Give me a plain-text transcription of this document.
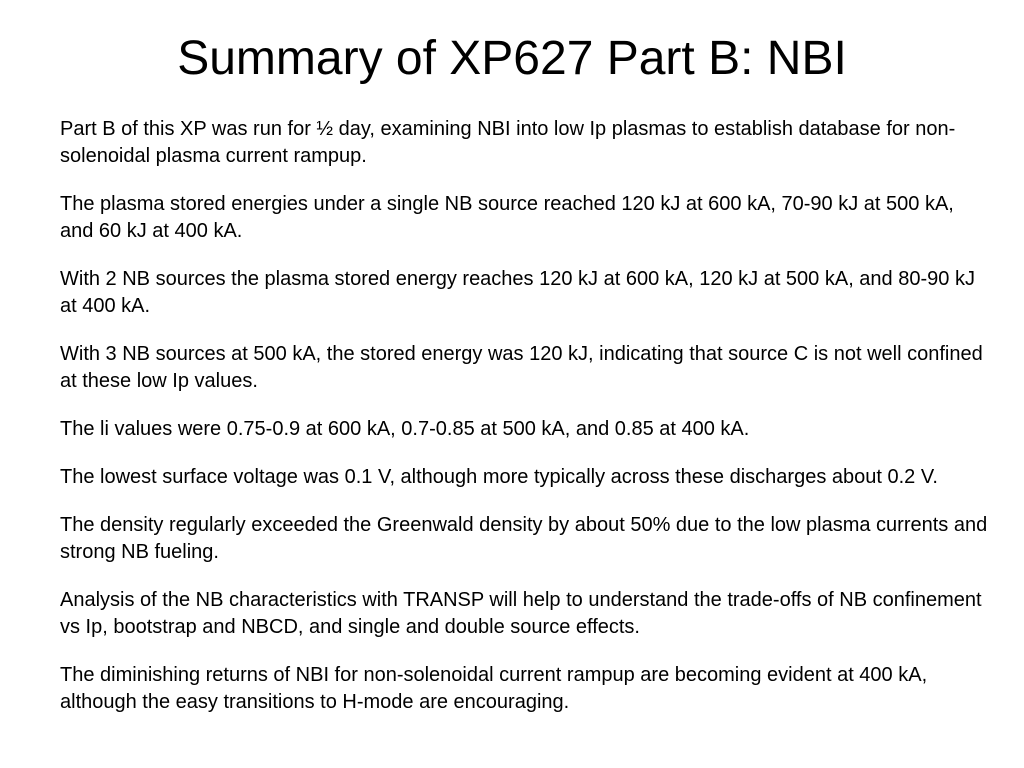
Summary of XP627 Part B: NBI

Part B of this XP was run for ½ day, examining NBI into low Ip plasmas to establish database for non-solenoidal plasma current rampup.

The plasma stored energies under a single NB source reached 120 kJ at 600 kA, 70-90 kJ at 500 kA, and 60 kJ at 400 kA.

With 2 NB sources the plasma stored energy reaches 120 kJ at 600 kA, 120 kJ at 500 kA, and 80-90 kJ at 400 kA.

With 3 NB sources at 500 kA, the stored energy was 120 kJ, indicating that source C is not well confined at these low Ip values.

The li values were 0.75-0.9 at 600 kA, 0.7-0.85 at 500 kA, and 0.85 at 400 kA.

The lowest surface voltage was 0.1 V, although more typically across these discharges about 0.2 V.

The density regularly exceeded the Greenwald density by about 50% due to the low plasma currents and strong NB fueling.

Analysis of the NB characteristics with TRANSP will help to understand the trade-offs of NB confinement vs Ip, bootstrap and NBCD, and single and double source effects.

The diminishing returns of NBI for non-solenoidal current rampup are becoming evident at 400 kA, although the easy transitions to H-mode are encouraging.
